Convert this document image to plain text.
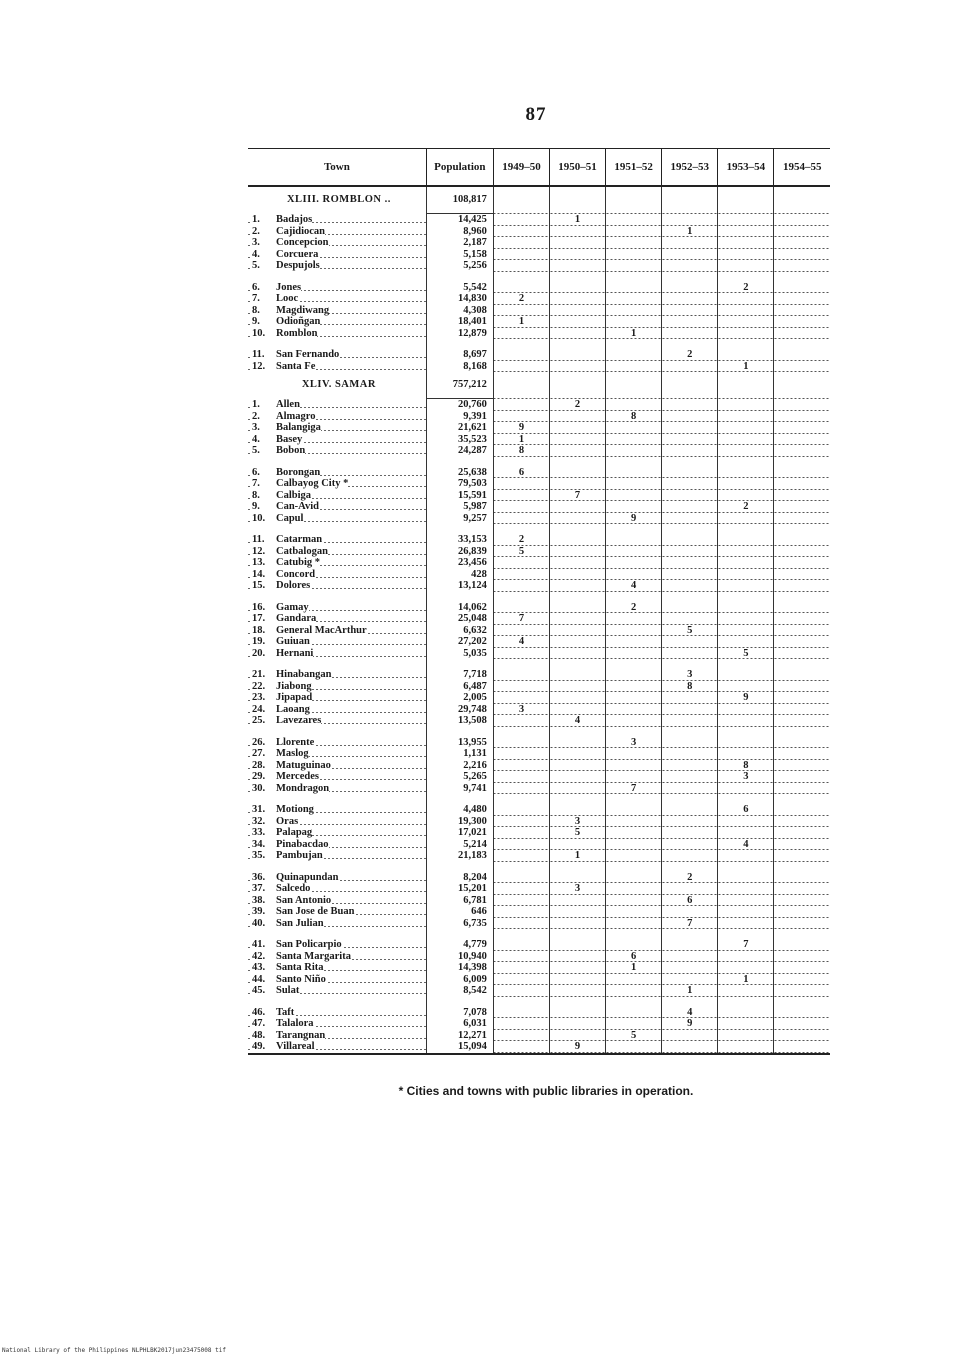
87
Town	Population	1949–50	1950–51	1951–52	1952–53	1953–54	1954–55
XLIII. ROMBLON ..	108,817						
1. Badajos	14,425		1				
2. Cajidiocan	8,960				1		
3. Concepcion	2,187						
4. Corcuera	5,158						
5. Despujols	5,256						

6. Jones	5,542					2	
7. Looc	14,830	2					
8. Magdiwang	4,308						
9. Odioñgan	18,401	1					
10. Romblon	12,879			1			

11. San Fernando	8,697				2		
12. Santa Fe	8,168					1	
XLIV. SAMAR	757,212						
1. Allen	20,760		2				
2. Almagro	9,391			8			
3. Balangiga	21,621	9					
4. Basey	35,523	1					
5. Bobon	24,287	8					

6. Borongan	25,638	6					
7. Calbayog City *	79,503						
8. Calbiga	15,591		7				
9. Can-Avid	5,987					2	
10. Capul	9,257			9			

11. Catarman	33,153	2					
12. Catbalogan	26,839	5					
13. Catubig *	23,456						
14. Concord	428						
15. Dolores	13,124			4			

16. Gamay	14,062			2			
17. Gandara	25,048	7					
18. General MacArthur	6,632				5		
19. Guiuan	27,202	4					
20. Hernani	5,035					5	

21. Hinabangan	7,718				3		
22. Jiabong	6,487				8		
23. Jipapad	2,005					9	
24. Laoang	29,748	3					
25. Lavezares	13,508		4				

26. Llorente	13,955			3			
27. Maslog	1,131						
28. Matuguinao	2,216					8	
29. Mercedes	5,265					3	
30. Mondragon	9,741			7			

31. Motiong	4,480					6	
32. Oras	19,300		3				
33. Palapag	17,021		5				
34. Pinabacdao	5,214					4	
35. Pambujan	21,183		1				

36. Quinapundan	8,204				2		
37. Salcedo	15,201		3				
38. San Antonio	6,781				6		
39. San Jose de Buan	646						
40. San Julian	6,735				7		

41. San Policarpio	4,779					7	
42. Santa Margarita	10,940			6			
43. Santa Rita	14,398			1			
44. Santo Niño	6,009					1	
45. Sulat	8,542				1		

46. Taft	7,078				4		
47. Talalora	6,031				9		
48. Tarangnan	12,271			5			
49. Villareal	15,094		9				
* Cities and towns with public libraries in operation.
National Library of the Philippines NLPHLBK2017jun23475008 tif
